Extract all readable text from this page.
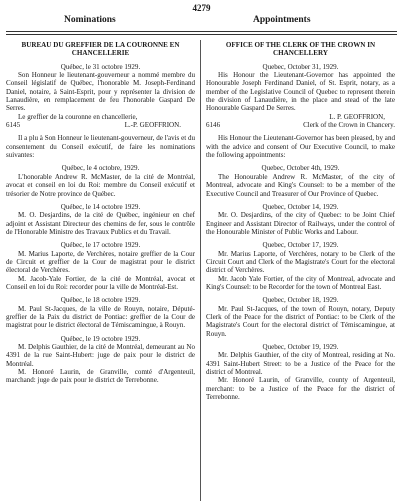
4279
Nominations	Appointments

BUREAU DU GREFFIER DE LA COURONNE EN CHANCELLERIE

Québec, le 31 octobre 1929.

Son Honneur le lieutenant-gouverneur a nommé membre du Conseil législatif de Québec, l'honorable M. Joseph-Ferdinand Daniel, notaire, à Saint-Esprit, pour y représenter la division de Lanaudière, en remplacement de feu l'honorable Gaspard De Serres.

Le greffier de la couronne en chancellerie,

6145	L.-P. GEOFFRION.

Il a plu à Son Honneur le lieutenant-gouverneur, de l'avis et du consentement du Conseil exécutif, de faire les nominations suivantes:

Québec, le 4 octobre, 1929.

L'honorable Andrew R. McMaster, de la cité de Montréal, avocat et conseil en loi du Roi: membre du Conseil exécutif et trésorier de Notre province de Québec.

Québec, le 14 octobre 1929.

M. O. Desjardins, de la cité de Québec, ingénieur en chef adjoint et Assistant Directeur des chemins de fer, sous le contrôle de l'Honorable Ministre des Travaux Publics et du Travail.

Québec, le 17 octobre 1929.

M. Marius Laporte, de Verchères, notaire greffier de la Cour de Circuit et greffier de la Cour de magistrat pour le district électoral de Verchères.

M. Jacob-Yale Fortier, de la cité de Montréal, avocat et Conseil en loi du Roi: recorder pour la ville de Montréal-Est.

Québec, le 18 octobre 1929.

M. Paul St-Jacques, de la ville de Rouyn, notaire, Député-greffier de la Paix du district de Pontiac: greffier de la Cour de magistrat pour le district électoral de Témiscamingue, à Rouyn.

Québec, le 19 octobre 1929.

M. Delphis Gauthier, de la cité de Montréal, demeurant au No 4391 de la rue Saint-Hubert: juge de paix pour le district de Montréal.

M. Honoré Laurin, de Granville, comté d'Argenteuil, marchand: juge de paix pour le district de Terrebonne.

OFFICE OF THE CLERK OF THE CROWN IN CHANCELLERY

Quebec, October 31, 1929.

His Honour the Lieutenant-Governor has appointed the Honourable Joseph Ferdinand Daniel, of St. Esprit, notary, as a member of the Legislative Council of Quebec to represent therein the division of Lanaudière, in the place and stead of the late Honourable Gaspard De Serres.

L. P. GEOFFRION,

6146	Clerk of the Crown in Chancery.

His Honour the Lieutenant-Governor has been pleased, by and with the advice and consent of Our Executive Council, to make the following appointments:

Quebec, October 4th, 1929.

The Honourable Andrew R. McMaster, of the city of Montreal, advocate and King's Counsel: to be a member of the Executive Council and Treasurer of Our Province of Quebec.

Quebec, October 14, 1929.

Mr. O. Desjardins, of the city of Quebec: to be Joint Chief Engineer and Assistant Director of Railways, under the control of the Honourable Minister of Public Works and Labour.

Quebec, October 17, 1929.

Mr. Marius Laporte, of Verchères, notary to be Clerk of the Circuit Court and Clerk of the Magistrate's Court for the electoral district of Verchères.

Mr. Jacob Yale Fortier, of the city of Montreal, advocate and King's Counsel: to be Recorder for the town of Montreal East.

Quebec, October 18, 1929.

Mr. Paul St-Jacques, of the town of Rouyn, notary, Deputy Clerk of the Peace for the district of Pontiac: to be Clerk of the Magistrate's Court for the electoral district of Témiscamingue, at Rouyn.

Quebec, October 19, 1929.

Mr. Delphis Gauthier, of the city of Montreal, residing at No. 4391 Saint-Hubert Street: to be a Justice of the Peace for the district of Montreal.

Mr. Honoré Laurin, of Granville, county of Argenteuil, merchant: to be a Justice of the Peace for the district of Terrebonne.
